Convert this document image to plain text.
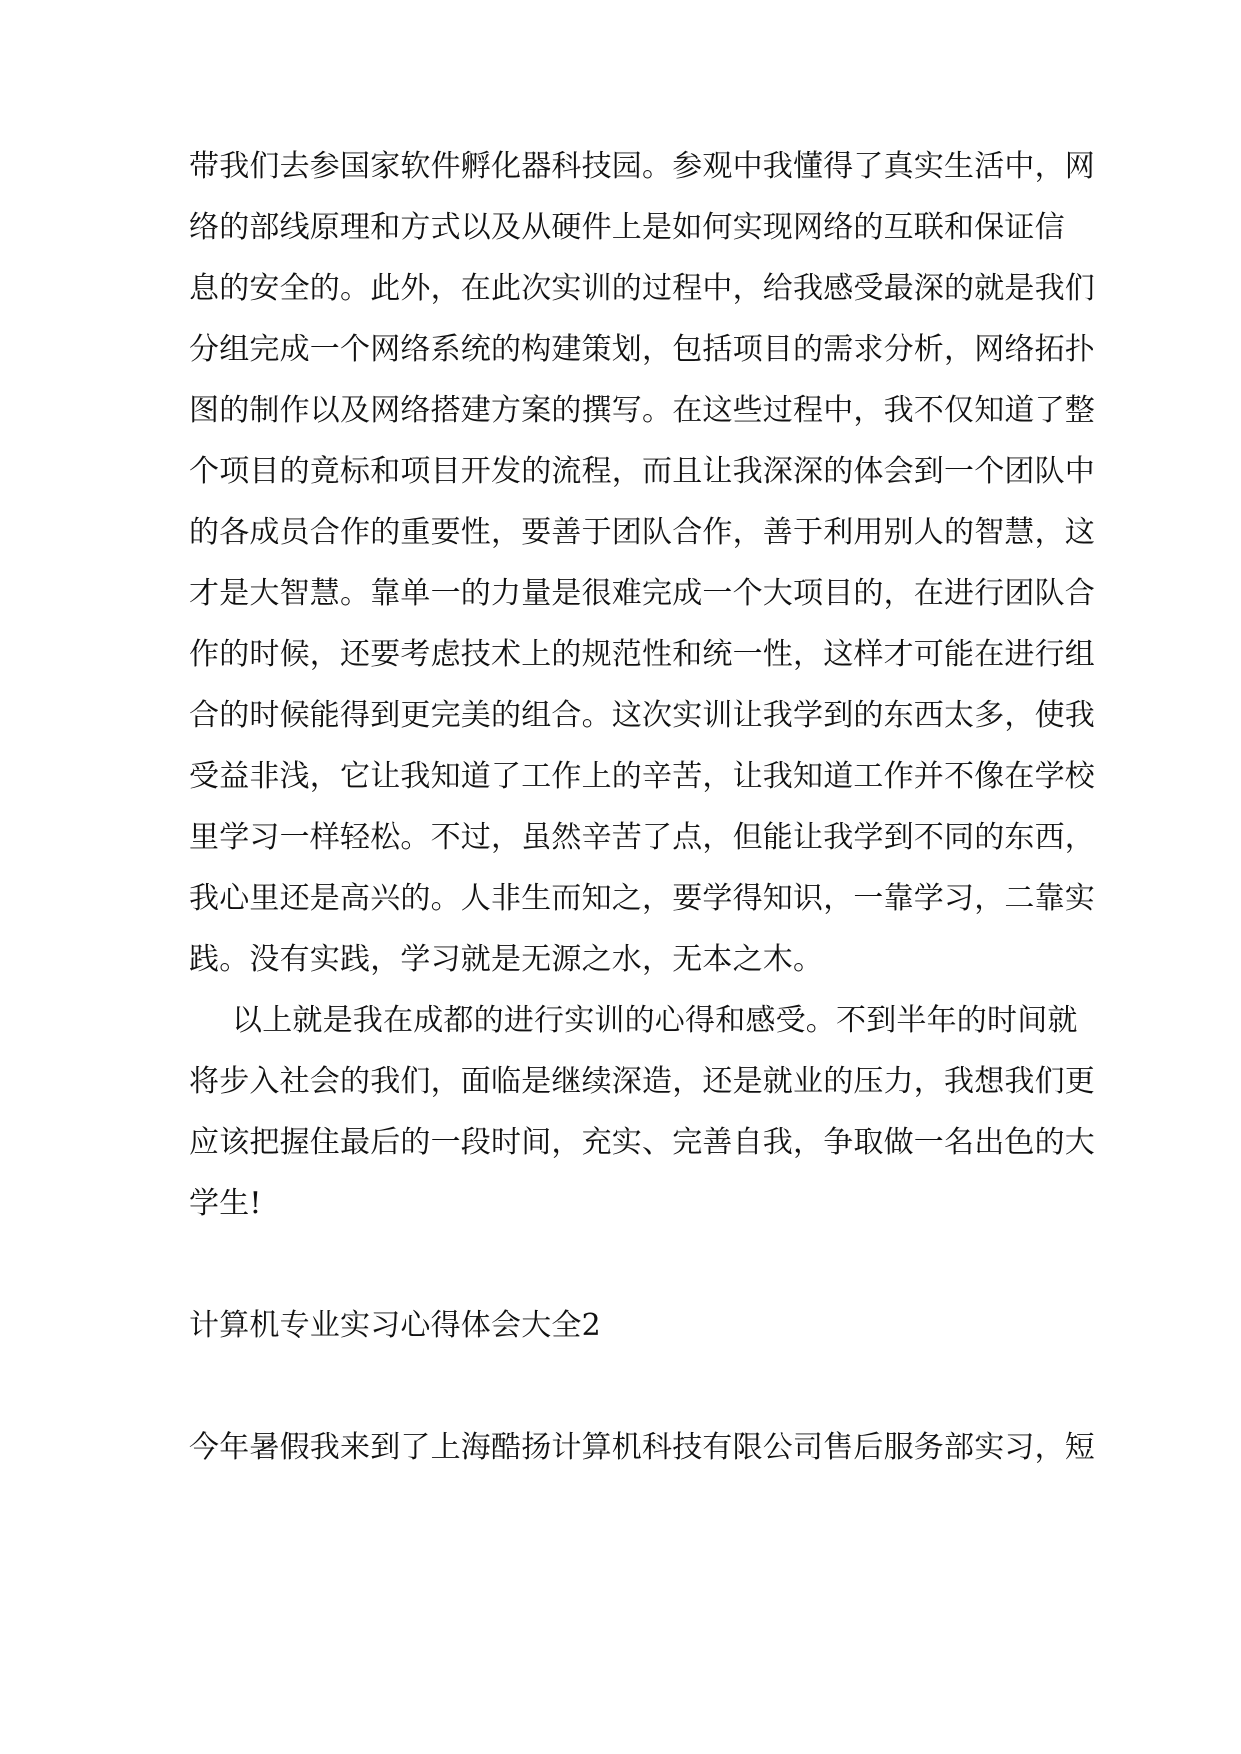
带我们去参国家软件孵化器科技园。参观中我懂得了真实生活中，网
络的部线原理和方式以及从硬件上是如何实现网络的互联和保证信
息的安全的。此外，在此次实训的过程中，给我感受最深的就是我们
分组完成一个网络系统的构建策划，包括项目的需求分析，网络拓扑
图的制作以及网络搭建方案的撰写。在这些过程中，我不仅知道了整
个项目的竟标和项目开发的流程，而且让我深深的体会到一个团队中
的各成员合作的重要性，要善于团队合作，善于利用别人的智慧，这
才是大智慧。靠单一的力量是很难完成一个大项目的，在进行团队合
作的时候，还要考虑技术上的规范性和统一性，这样才可能在进行组
合的时候能得到更完美的组合。这次实训让我学到的东西太多，使我
受益非浅，它让我知道了工作上的辛苦，让我知道工作并不像在学校
里学习一样轻松。不过，虽然辛苦了点，但能让我学到不同的东西，
我心里还是高兴的。人非生而知之，要学得知识，一靠学习，二靠实
践。没有实践，学习就是无源之水，无本之木。
以上就是我在成都的进行实训的心得和感受。不到半年的时间就
将步入社会的我们，面临是继续深造，还是就业的压力，我想我们更
应该把握住最后的一段时间，充实、完善自我，争取做一名出色的大
学生!
计算机专业实习心得体会大全2
今年暑假我来到了上海酷扬计算机科技有限公司售后服务部实习，短
